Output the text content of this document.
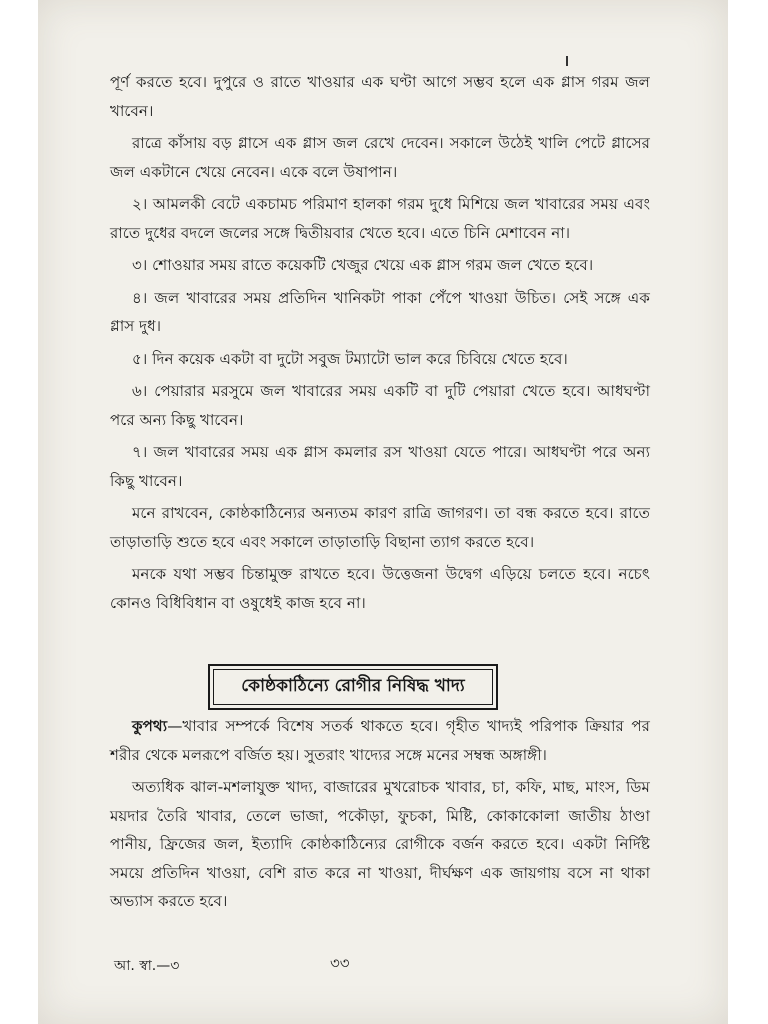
পূর্ণ করতে হবে। দুপুরে ও রাতে খাওয়ার এক ঘণ্টা আগে সম্ভব হলে এক গ্লাস গরম জল খাবেন।

রাত্রে কাঁসায় বড় গ্লাসে এক গ্লাস জল রেখে দেবেন। সকালে উঠেই খালি পেটে গ্লাসের জল একটানে খেয়ে নেবেন। একে বলে উষাপান।

২। আমলকী বেটে একচামচ পরিমাণ হালকা গরম দুধে মিশিয়ে জল খাবারের সময় এবং রাতে দুধের বদলে জলের সঙ্গে দ্বিতীয়বার খেতে হবে। এতে চিনি মেশাবেন না।

৩। শোওয়ার সময় রাতে কয়েকটি খেজুর খেয়ে এক গ্লাস গরম জল খেতে হবে।

৪। জল খাবারের সময় প্রতিদিন খানিকটা পাকা পেঁপে খাওয়া উচিত। সেই সঙ্গে এক গ্লাস দুধ।

৫। দিন কয়েক একটা বা দুটো সবুজ টম্যাটো ভাল করে চিবিয়ে খেতে হবে।

৬। পেয়ারার মরসুমে জল খাবারের সময় একটি বা দুটি পেয়ারা খেতে হবে। আধঘণ্টা পরে অন্য কিছু খাবেন।

৭। জল খাবারের সময় এক গ্লাস কমলার রস খাওয়া যেতে পারে। আধঘণ্টা পরে অন্য কিছু খাবেন।

মনে রাখবেন, কোষ্ঠকাঠিন্যের অন্যতম কারণ রাত্রি জাগরণ। তা বন্ধ করতে হবে। রাতে তাড়াতাড়ি শুতে হবে এবং সকালে তাড়াতাড়ি বিছানা ত্যাগ করতে হবে।

মনকে যথা সম্ভব চিন্তামুক্ত রাখতে হবে। উত্তেজনা উদ্বেগ এড়িয়ে চলতে হবে। নচেৎ কোনও বিধিবিধান বা ওষুধেই কাজ হবে না।

কোষ্ঠকাঠিন্যে রোগীর নিষিদ্ধ খাদ্য

কুপথ্য—খাবার সম্পর্কে বিশেষ সতর্ক থাকতে হবে। গৃহীত খাদ্যই পরিপাক ক্রিয়ার পর শরীর থেকে মলরূপে বর্জিত হয়। সুতরাং খাদ্যের সঙ্গে মনের সম্বন্ধ অঙ্গাঙ্গী।

অত্যধিক ঝাল-মশলাযুক্ত খাদ্য, বাজারের মুখরোচক খাবার, চা, কফি, মাছ, মাংস, ডিম ময়দার তৈরি খাবার, তেলে ভাজা, পকৌড়া, ফুচকা, মিষ্টি, কোকাকোলা জাতীয় ঠাণ্ডা পানীয়, ফ্রিজের জল, ইত্যাদি কোষ্ঠকাঠিন্যের রোগীকে বর্জন করতে হবে। একটা নির্দিষ্ট সময়ে প্রতিদিন খাওয়া, বেশি রাত করে না খাওয়া, দীর্ঘক্ষণ এক জায়গায় বসে না থাকা অভ্যাস করতে হবে।

আ. স্বা.—৩	৩৩
